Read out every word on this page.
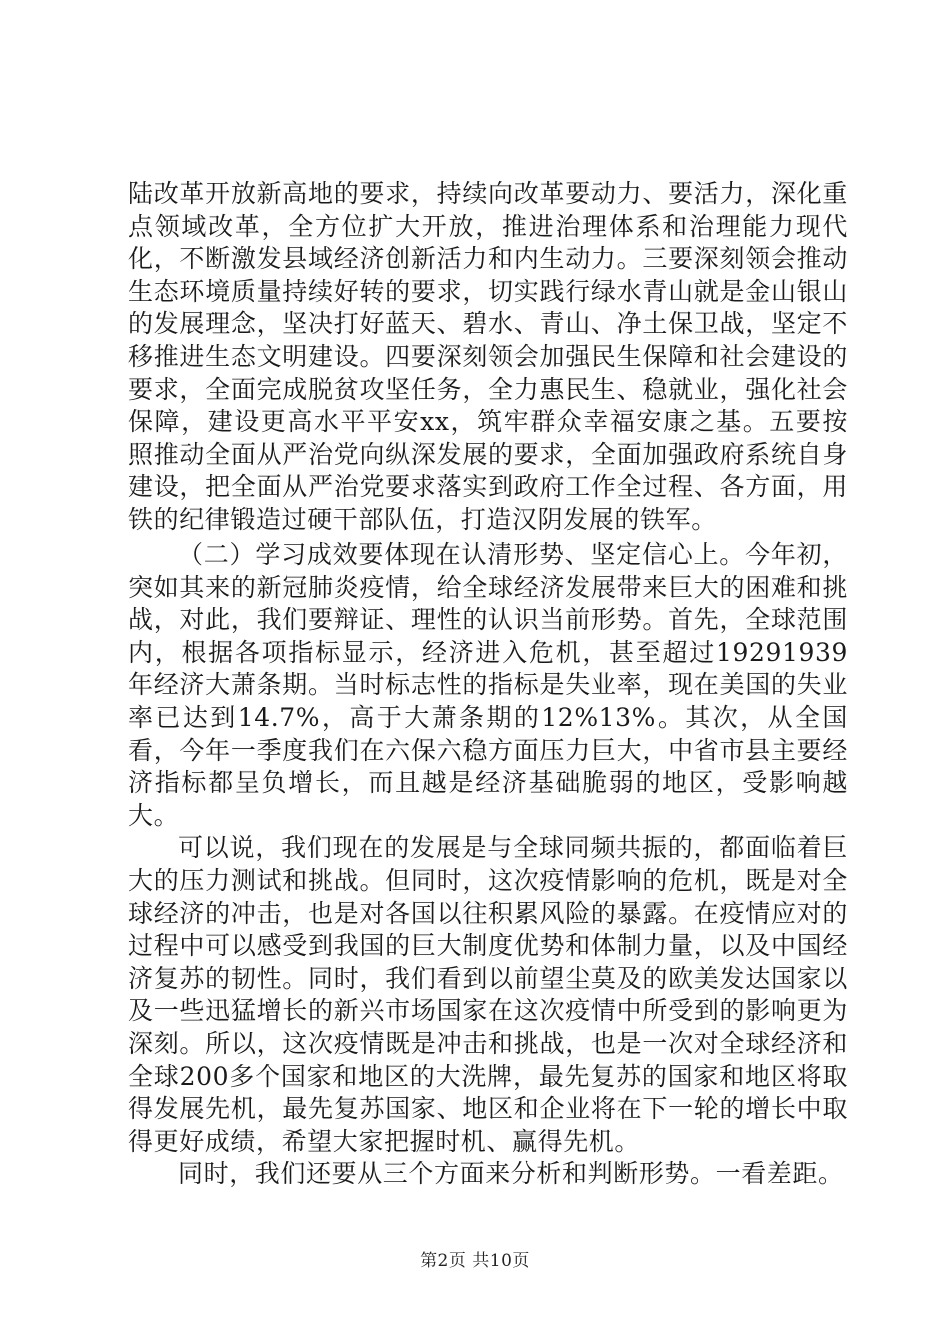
陆改革开放新高地的要求，持续向改革要动力、要活力，深化重点领域改革，全方位扩大开放，推进治理体系和治理能力现代化，不断激发县域经济创新活力和内生动力。三要深刻领会推动生态环境质量持续好转的要求，切实践行绿水青山就是金山银山的发展理念，坚决打好蓝天、碧水、青山、净土保卫战，坚定不移推进生态文明建设。四要深刻领会加强民生保障和社会建设的要求，全面完成脱贫攻坚任务，全力惠民生、稳就业，强化社会保障，建设更高水平平安xx，筑牢群众幸福安康之基。五要按照推动全面从严治党向纵深发展的要求，全面加强政府系统自身建设，把全面从严治党要求落实到政府工作全过程、各方面，用铁的纪律锻造过硬干部队伍，打造汉阴发展的铁军。

（二）学习成效要体现在认清形势、坚定信心上。今年初，突如其来的新冠肺炎疫情，给全球经济发展带来巨大的困难和挑战，对此，我们要辩证、理性的认识当前形势。首先，全球范围内，根据各项指标显示，经济进入危机，甚至超过19291939年经济大萧条期。当时标志性的指标是失业率，现在美国的失业率已达到14.7%，高于大萧条期的12%13%。其次，从全国看，今年一季度我们在六保六稳方面压力巨大，中省市县主要经济指标都呈负增长，而且越是经济基础脆弱的地区，受影响越大。

可以说，我们现在的发展是与全球同频共振的，都面临着巨大的压力测试和挑战。但同时，这次疫情影响的危机，既是对全球经济的冲击，也是对各国以往积累风险的暴露。在疫情应对的过程中可以感受到我国的巨大制度优势和体制力量，以及中国经济复苏的韧性。同时，我们看到以前望尘莫及的欧美发达国家以及一些迅猛增长的新兴市场国家在这次疫情中所受到的影响更为深刻。所以，这次疫情既是冲击和挑战，也是一次对全球经济和全球200多个国家和地区的大洗牌，最先复苏的国家和地区将取得发展先机，最先复苏国家、地区和企业将在下一轮的增长中取得更好成绩，希望大家把握时机、赢得先机。

同时，我们还要从三个方面来分析和判断形势。一看差距。

第2页 共10页
